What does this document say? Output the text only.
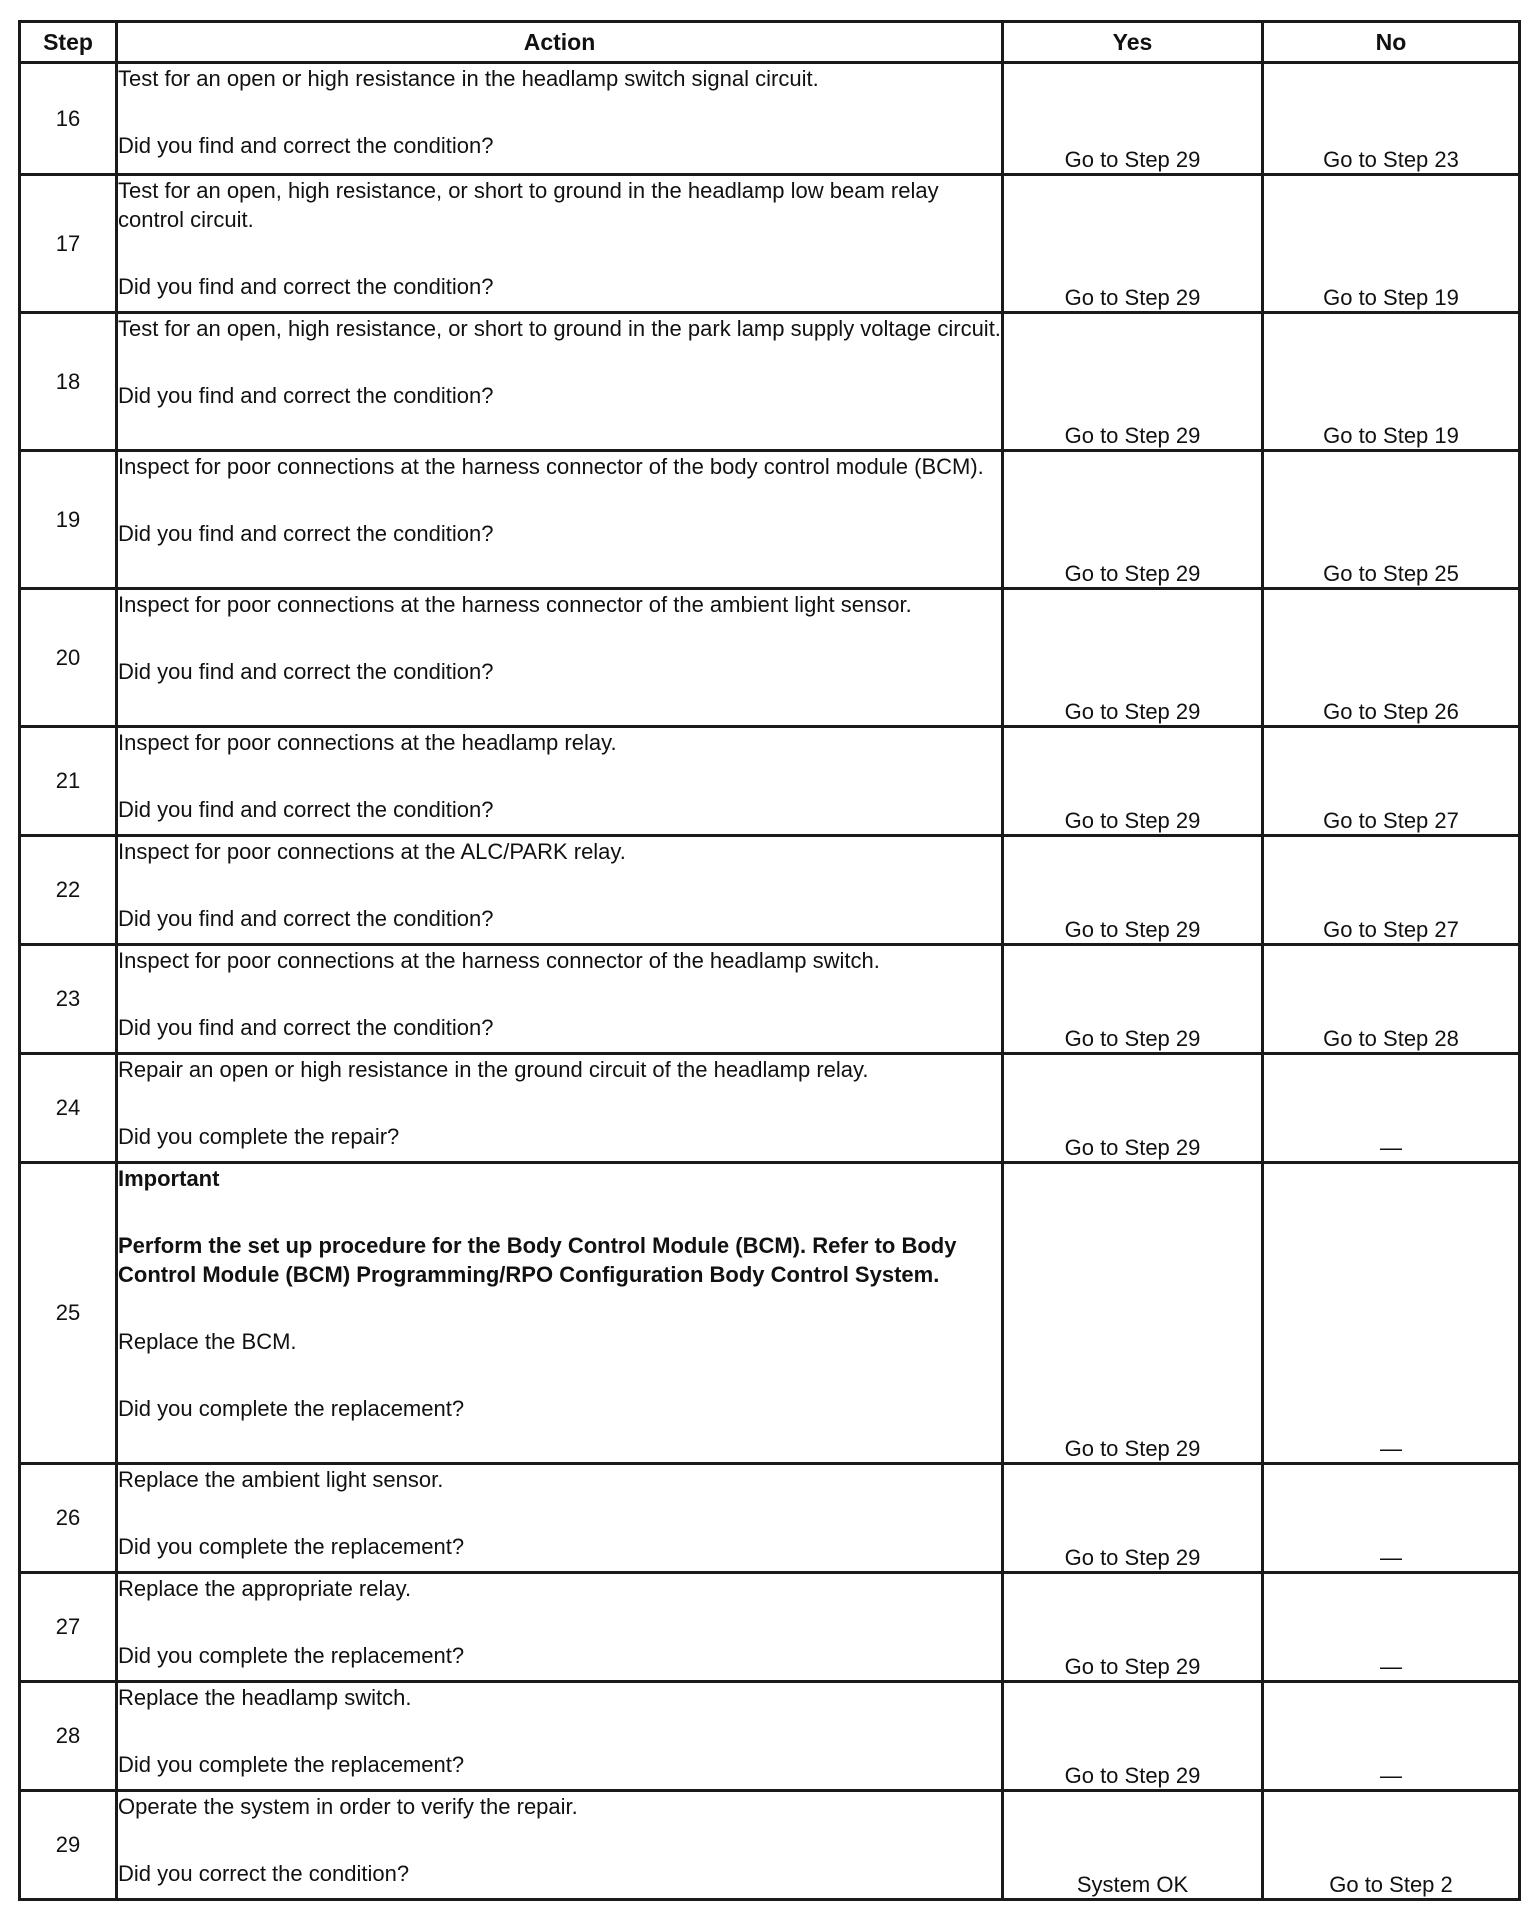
Step	Action	Yes	No
16	Test for an open or high resistance in the headlamp switch signal circuit.

Did you find and correct the condition?	Go to Step 29	Go to Step 23
17	Test for an open, high resistance, or short to ground in the headlamp low beam relay control circuit.

Did you find and correct the condition?	Go to Step 29	Go to Step 19
18	Test for an open, high resistance, or short to ground in the park lamp supply voltage circuit.

Did you find and correct the condition?	Go to Step 29	Go to Step 19
19	Inspect for poor connections at the harness connector of the body control module (BCM).

Did you find and correct the condition?	Go to Step 29	Go to Step 25
20	Inspect for poor connections at the harness connector of the ambient light sensor.

Did you find and correct the condition?	Go to Step 29	Go to Step 26
21	Inspect for poor connections at the headlamp relay.

Did you find and correct the condition?	Go to Step 29	Go to Step 27
22	Inspect for poor connections at the ALC/PARK relay.

Did you find and correct the condition?	Go to Step 29	Go to Step 27
23	Inspect for poor connections at the harness connector of the headlamp switch.

Did you find and correct the condition?	Go to Step 29	Go to Step 28
24	Repair an open or high resistance in the ground circuit of the headlamp relay.

Did you complete the repair?	Go to Step 29	—
25	Important

Perform the set up procedure for the Body Control Module (BCM). Refer to Body Control Module (BCM) Programming/RPO Configuration Body Control System.

Replace the BCM.

Did you complete the replacement?	Go to Step 29	—
26	Replace the ambient light sensor.

Did you complete the replacement?	Go to Step 29	—
27	Replace the appropriate relay.

Did you complete the replacement?	Go to Step 29	—
28	Replace the headlamp switch.

Did you complete the replacement?	Go to Step 29	—
29	Operate the system in order to verify the repair.

Did you correct the condition?	System OK	Go to Step 2
